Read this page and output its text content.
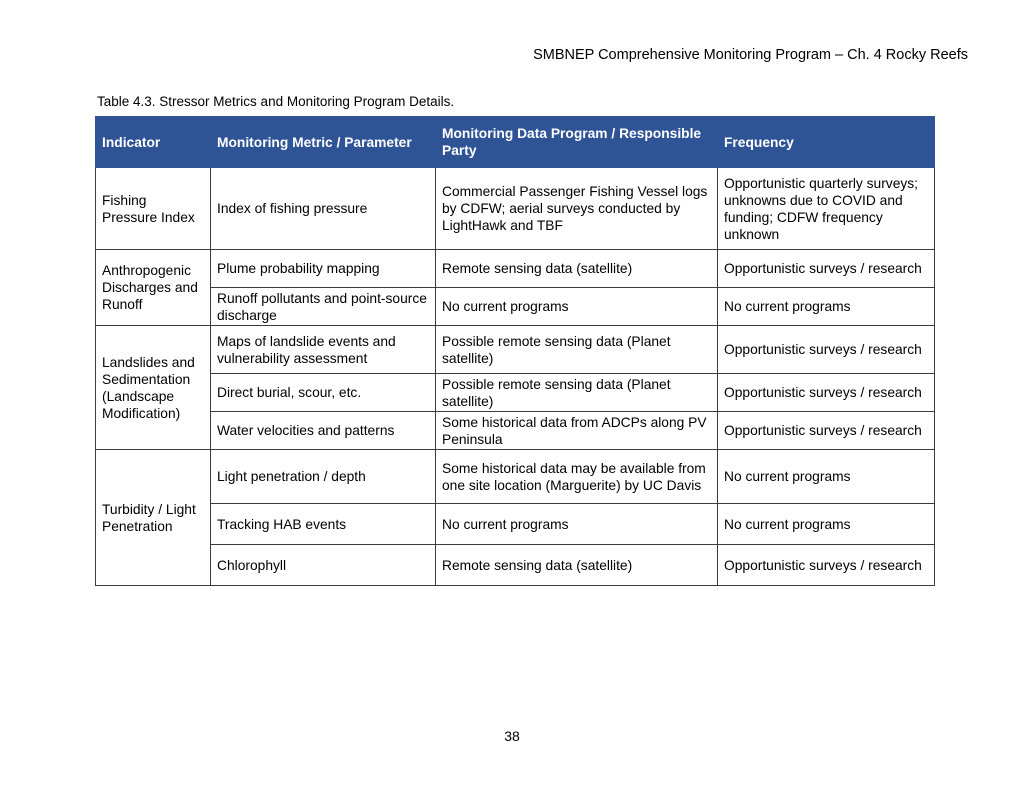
SMBNEP Comprehensive Monitoring Program – Ch. 4 Rocky Reefs
Table 4.3. Stressor Metrics and Monitoring Program Details.
Indicator	Monitoring Metric / Parameter	Monitoring Data Program / Responsible Party	Frequency
Fishing Pressure Index	Index of fishing pressure	Commercial Passenger Fishing Vessel logs by CDFW; aerial surveys conducted by LightHawk and TBF	Opportunistic quarterly surveys; unknowns due to COVID and funding; CDFW frequency unknown
Anthropogenic Discharges and Runoff	Plume probability mapping	Remote sensing data (satellite)	Opportunistic surveys / research
	Runoff pollutants and point-source discharge	No current programs	No current programs
Landslides and Sedimentation (Landscape Modification)	Maps of landslide events and vulnerability assessment	Possible remote sensing data (Planet satellite)	Opportunistic surveys / research
	Direct burial, scour, etc.	Possible remote sensing data (Planet satellite)	Opportunistic surveys / research
	Water velocities and patterns	Some historical data from ADCPs along PV Peninsula	Opportunistic surveys / research
Turbidity / Light Penetration	Light penetration / depth	Some historical data may be available from one site location (Marguerite) by UC Davis	No current programs
	Tracking HAB events	No current programs	No current programs
	Chlorophyll	Remote sensing data (satellite)	Opportunistic surveys / research
38
